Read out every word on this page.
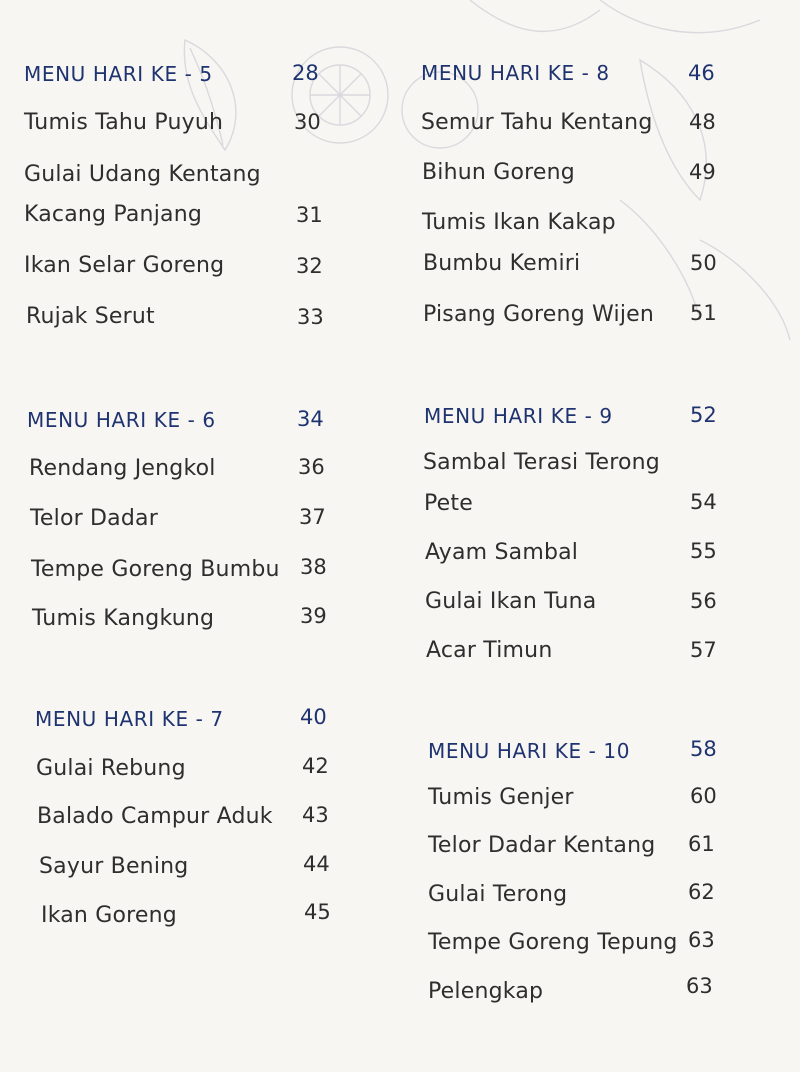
MENU HARI KE - 5	28
Tumis Tahu Puyuh	30
Gulai Udang Kentang
Kacang Panjang	31
Ikan Selar Goreng	32
Rujak Serut	33
MENU HARI KE - 6	34
Rendang Jengkol	36
Telor Dadar	37
Tempe Goreng Bumbu 38
Tumis Kangkung	39
MENU HARI KE - 7	40
Gulai Rebung	42
Balado Campur Aduk 43
Sayur Bening	44
Ikan Goreng	45
MENU HARI KE - 8	46
Semur Tahu Kentang 48
Bihun Goreng	49
Tumis Ikan Kakap
Bumbu Kemiri	50
Pisang Goreng Wijen 51
MENU HARI KE - 9	52
Sambal Terasi Terong
Pete	54
Ayam Sambal	55
Gulai Ikan Tuna	56
Acar Timun	57
MENU HARI KE - 10	58
Tumis Genjer	60
Telor Dadar Kentang 61
Gulai Terong	62
Tempe Goreng Tepung 63
Pelengkap	63
